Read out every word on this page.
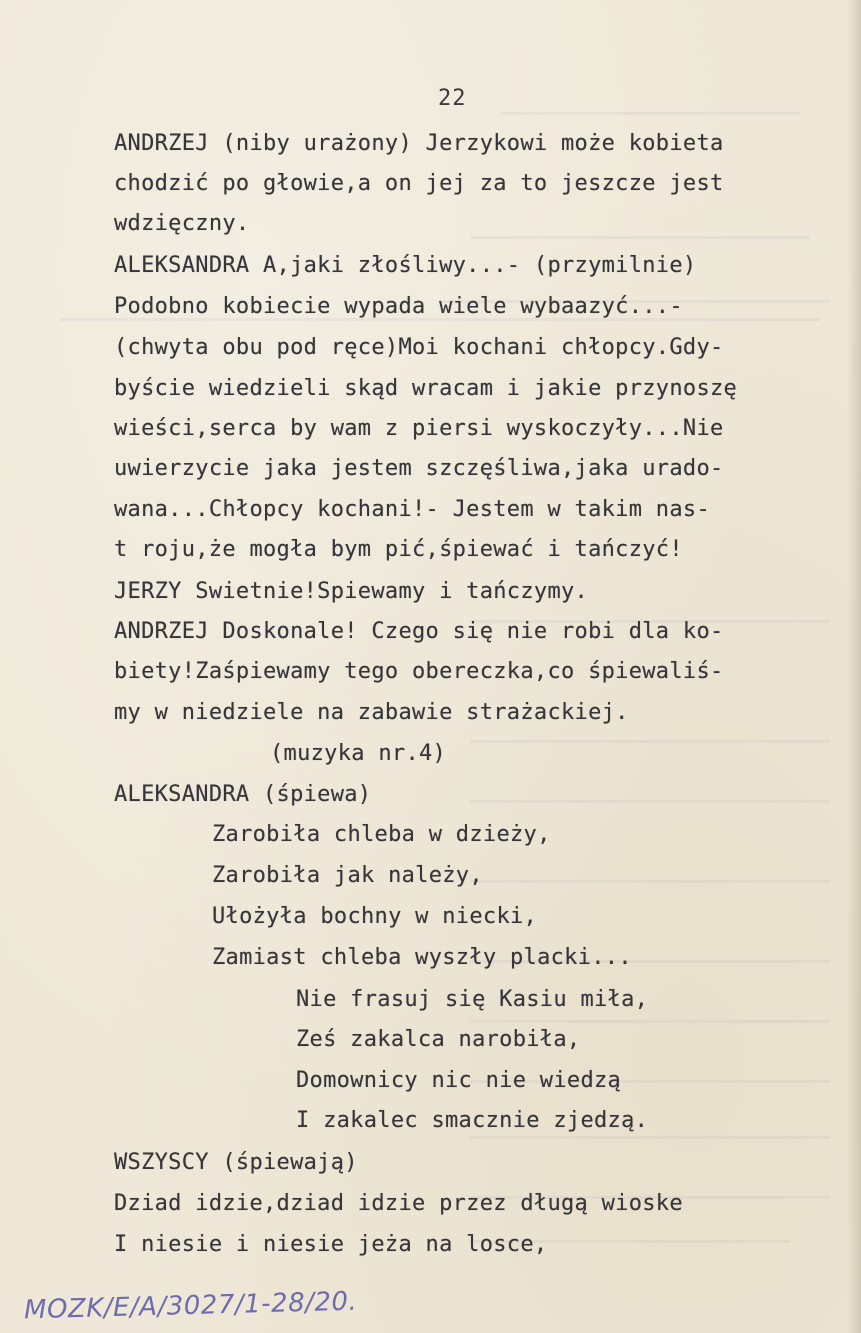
22
ANDRZEJ (niby urażony) Jerzykowi może kobieta
chodzić po głowie,a on jej za to jeszcze jest
wdzięczny.
ALEKSANDRA A,jaki złośliwy...- (przymilnie)
Podobno kobiecie wypada wiele wybaazyć...-
(chwyta obu pod ręce)Moi kochani chłopcy.Gdy-
byście wiedzieli skąd wracam i jakie przynoszę
wieści,serca by wam z piersi wyskoczyły...Nie
uwierzycie jaka jestem szczęśliwa,jaka urado-
wana...Chłopcy kochani!- Jestem w takim nas-
t roju,że mogła bym pić,śpiewać i tańczyć!
JERZY Swietnie!Spiewamy i tańczymy.
ANDRZEJ Doskonale! Czego się nie robi dla ko-
biety!Zaśpiewamy tego obereczka,co śpiewaliś-
my w niedziele na zabawie strażackiej.
(muzyka nr.4)
ALEKSANDRA (śpiewa)
Zarobiła chleba w dzieży,
Zarobiła jak należy,
Ułożyła bochny w niecki,
Zamiast chleba wyszły placki...
Nie frasuj się Kasiu miła,
Ześ zakalca narobiła,
Domownicy nic nie wiedzą
I zakalec smacznie zjedzą.
WSZYSCY (śpiewają)
Dziad idzie,dziad idzie przez długą wioske
I niesie i niesie jeża na losce,
MOZK/E/A/3027/1-28/20.
